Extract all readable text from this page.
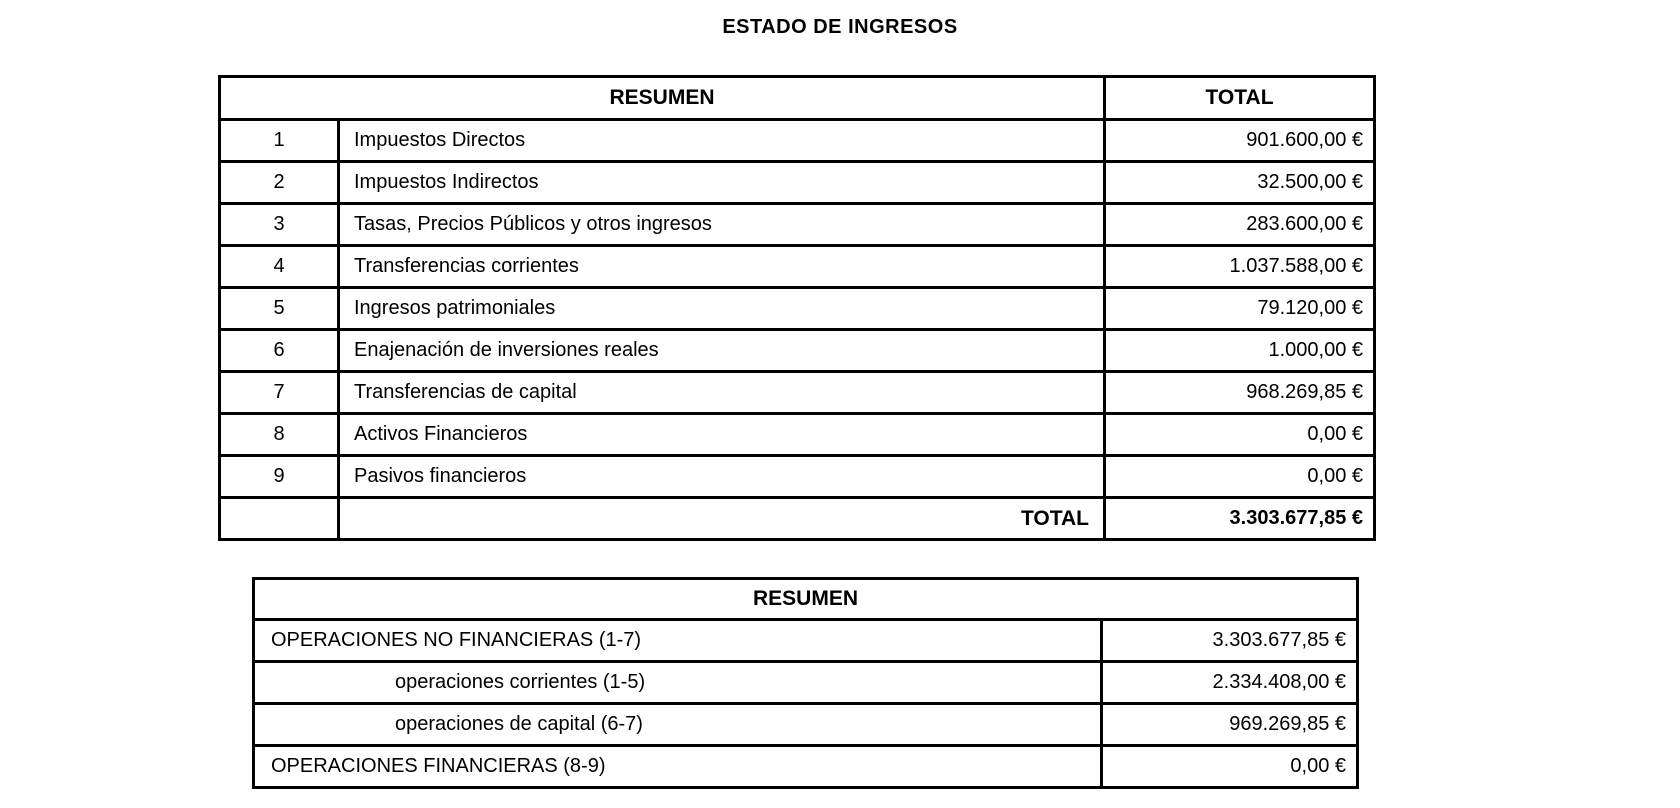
ESTADO DE INGRESOS
RESUMEN		TOTAL
1	Impuestos Directos	901.600,00 €
2	Impuestos Indirectos	32.500,00 €
3	Tasas, Precios Públicos y otros ingresos	283.600,00 €
4	Transferencias corrientes	1.037.588,00 €
5	Ingresos patrimoniales	79.120,00 €
6	Enajenación de inversiones reales	1.000,00 €
7	Transferencias de capital	968.269,85 €
8	Activos Financieros	0,00 €
9	Pasivos financieros	0,00 €
	TOTAL	3.303.677,85 €
RESUMEN	
OPERACIONES NO FINANCIERAS (1-7)	3.303.677,85 €
operaciones corrientes (1-5)	2.334.408,00 €
operaciones de capital (6-7)	969.269,85 €
OPERACIONES FINANCIERAS (8-9)	0,00 €
